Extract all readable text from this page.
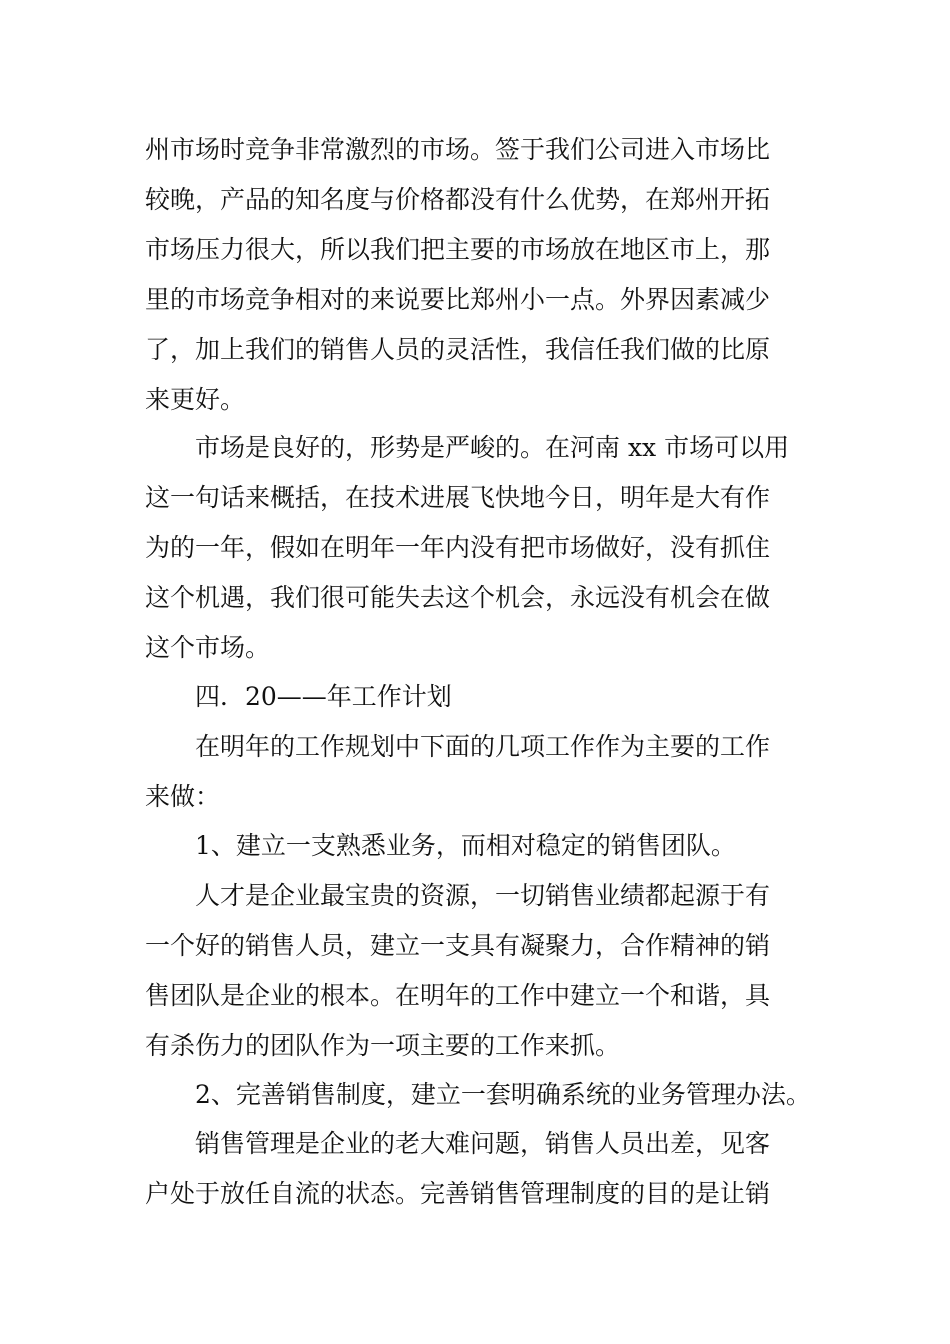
州市场时竞争非常激烈的市场。签于我们公司进入市场比
较晚，产品的知名度与价格都没有什么优势，在郑州开拓
市场压力很大，所以我们把主要的市场放在地区市上，那
里的市场竞争相对的来说要比郑州小一点。外界因素减少
了，加上我们的销售人员的灵活性，我信任我们做的比原
来更好。
市场是良好的，形势是严峻的。在河南 xx 市场可以用
这一句话来概括，在技术进展飞快地今日，明年是大有作
为的一年，假如在明年一年内没有把市场做好，没有抓住
这个机遇，我们很可能失去这个机会，永远没有机会在做
这个市场。
四．20——年工作计划
在明年的工作规划中下面的几项工作作为主要的工作
来做：
1、建立一支熟悉业务，而相对稳定的销售团队。
人才是企业最宝贵的资源，一切销售业绩都起源于有
一个好的销售人员，建立一支具有凝聚力，合作精神的销
售团队是企业的根本。在明年的工作中建立一个和谐，具
有杀伤力的团队作为一项主要的工作来抓。
2、完善销售制度，建立一套明确系统的业务管理办法。
销售管理是企业的老大难问题，销售人员出差，见客
户处于放任自流的状态。完善销售管理制度的目的是让销
